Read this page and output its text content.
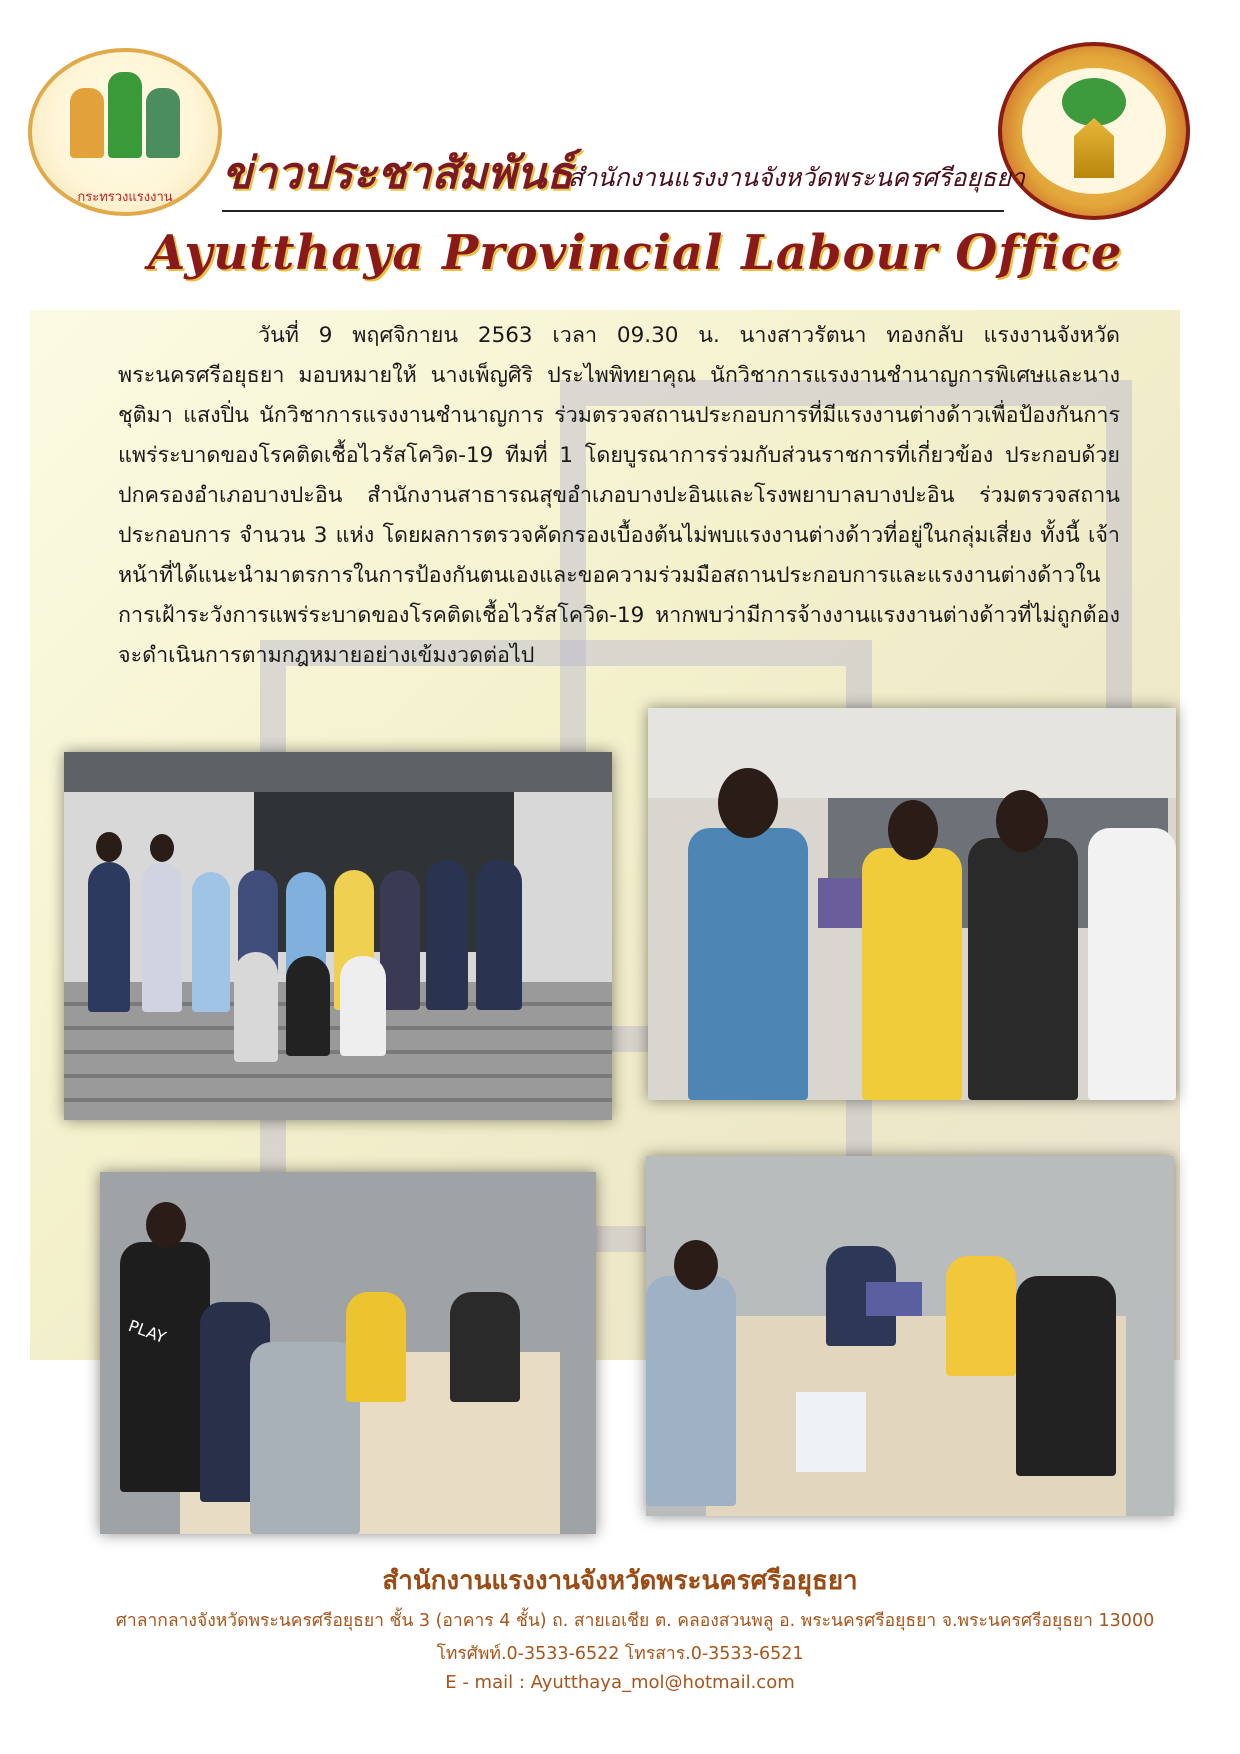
กระทรวงแรงงาน	ข่าวประชาสัมพันธ์
สำนักงานแรงงานจังหวัดพระนครศรีอยุธยา
Ayutthaya Provincial Labour Office
วันที่ 9 พฤศจิกายน 2563 เวลา 09.30 น. นางสาวรัตนา ทองกลับ แรงงานจังหวัดพระนครศรีอยุธยา มอบหมายให้ นางเพ็ญศิริ ประไพพิทยาคุณ นักวิชาการแรงงานชำนาญการพิเศษและนางชุติมา แสงปิ่น นักวิชาการแรงงานชำนาญการ ร่วมตรวจสถานประกอบการที่มีแรงงานต่างด้าวเพื่อป้องกันการแพร่ระบาดของโรคติดเชื้อไวรัสโควิด-19 ทีมที่ 1 โดยบูรณาการร่วมกับส่วนราชการที่เกี่ยวข้อง ประกอบด้วย ปกครองอำเภอบางปะอิน สำนักงานสาธารณสุขอำเภอบางปะอินและโรงพยาบาลบางปะอิน ร่วมตรวจสถานประกอบการ จำนวน 3 แห่ง โดยผลการตรวจคัดกรองเบื้องต้นไม่พบแรงงานต่างด้าวที่อยู่ในกลุ่มเสี่ยง ทั้งนี้ เจ้าหน้าที่ได้แนะนำมาตรการในการป้องกันตนเองและขอความร่วมมือสถานประกอบการและแรงงานต่างด้าวในการเฝ้าระวังการแพร่ระบาดของโรคติดเชื้อไวรัสโควิด-19 หากพบว่ามีการจ้างงานแรงงานต่างด้าวที่ไม่ถูกต้องจะดำเนินการตามกฎหมายอย่างเข้มงวดต่อไป
PLAY
สำนักงานแรงงานจังหวัดพระนครศรีอยุธยา
ศาลากลางจังหวัดพระนครศรีอยุธยา ชั้น 3 (อาคาร 4 ชั้น) ถ. สายเอเชีย ต. คลองสวนพลู อ. พระนครศรีอยุธยา จ.พระนครศรีอยุธยา 13000
โทรศัพท์.0-3533-6522 โทรสาร.0-3533-6521
E - mail : Ayutthaya_mol@hotmail.com
